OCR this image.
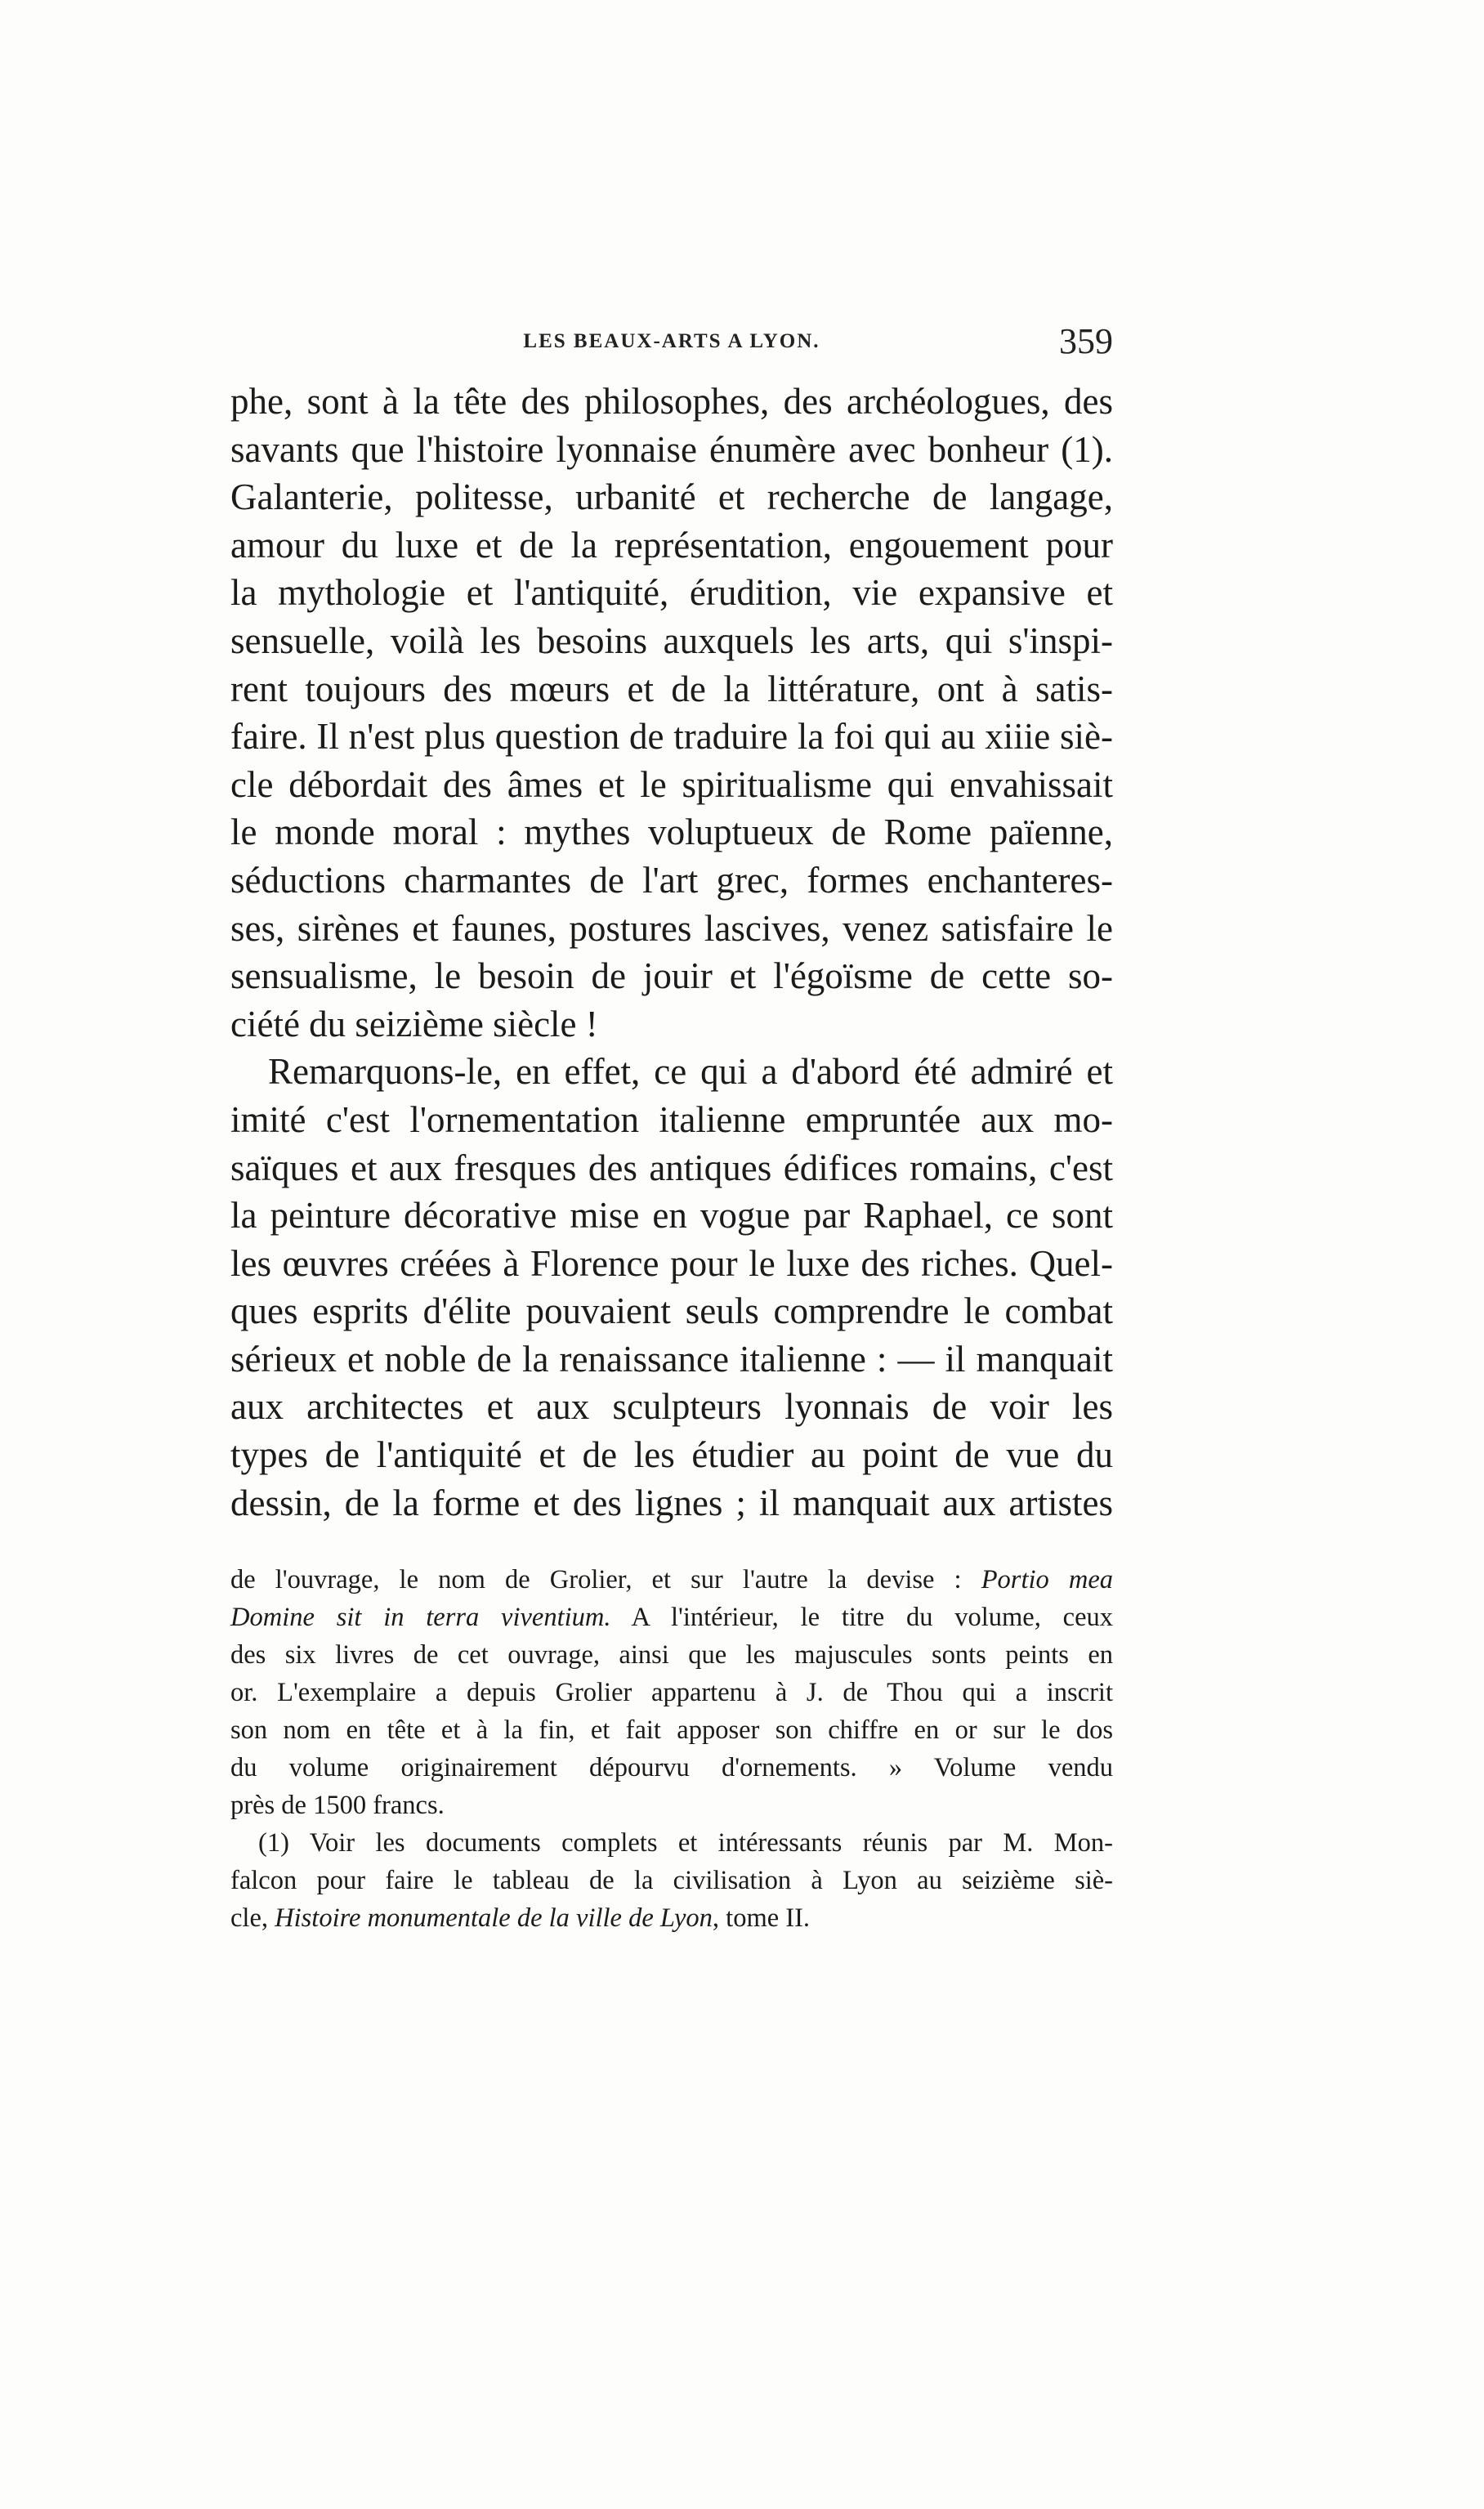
LES BEAUX-ARTS A LYON.	359
phe, sont à la tête des philosophes, des archéologues, des
savants que l'histoire lyonnaise énumère avec bonheur (1).
Galanterie, politesse, urbanité et recherche de langage,
amour du luxe et de la représentation, engouement pour
la mythologie et l'antiquité, érudition, vie expansive et
sensuelle, voilà les besoins auxquels les arts, qui s'inspi-
rent toujours des mœurs et de la littérature, ont à satis-
faire. Il n'est plus question de traduire la foi qui au xiiie siè-
cle débordait des âmes et le spiritualisme qui envahissait
le monde moral : mythes voluptueux de Rome païenne,
séductions charmantes de l'art grec, formes enchanteres-
ses, sirènes et faunes, postures lascives, venez satisfaire le
sensualisme, le besoin de jouir et l'égoïsme de cette so-
ciété du seizième siècle !
Remarquons-le, en effet, ce qui a d'abord été admiré et
imité c'est l'ornementation italienne empruntée aux mo-
saïques et aux fresques des antiques édifices romains, c'est
la peinture décorative mise en vogue par Raphael, ce sont
les œuvres créées à Florence pour le luxe des riches. Quel-
ques esprits d'élite pouvaient seuls comprendre le combat
sérieux et noble de la renaissance italienne : — il manquait
aux architectes et aux sculpteurs lyonnais de voir les
types de l'antiquité et de les étudier au point de vue du
dessin, de la forme et des lignes ; il manquait aux artistes
de l'ouvrage, le nom de Grolier, et sur l'autre la devise : Portio mea
Domine sit in terra viventium. A l'intérieur, le titre du volume, ceux
des six livres de cet ouvrage, ainsi que les majuscules sonts peints en
or. L'exemplaire a depuis Grolier appartenu à J. de Thou qui a inscrit
son nom en tête et à la fin, et fait apposer son chiffre en or sur le dos
du volume originairement dépourvu d'ornements. » Volume vendu
près de 1500 francs.
(1) Voir les documents complets et intéressants réunis par M. Mon-
falcon pour faire le tableau de la civilisation à Lyon au seizième siè-
cle, Histoire monumentale de la ville de Lyon, tome II.
